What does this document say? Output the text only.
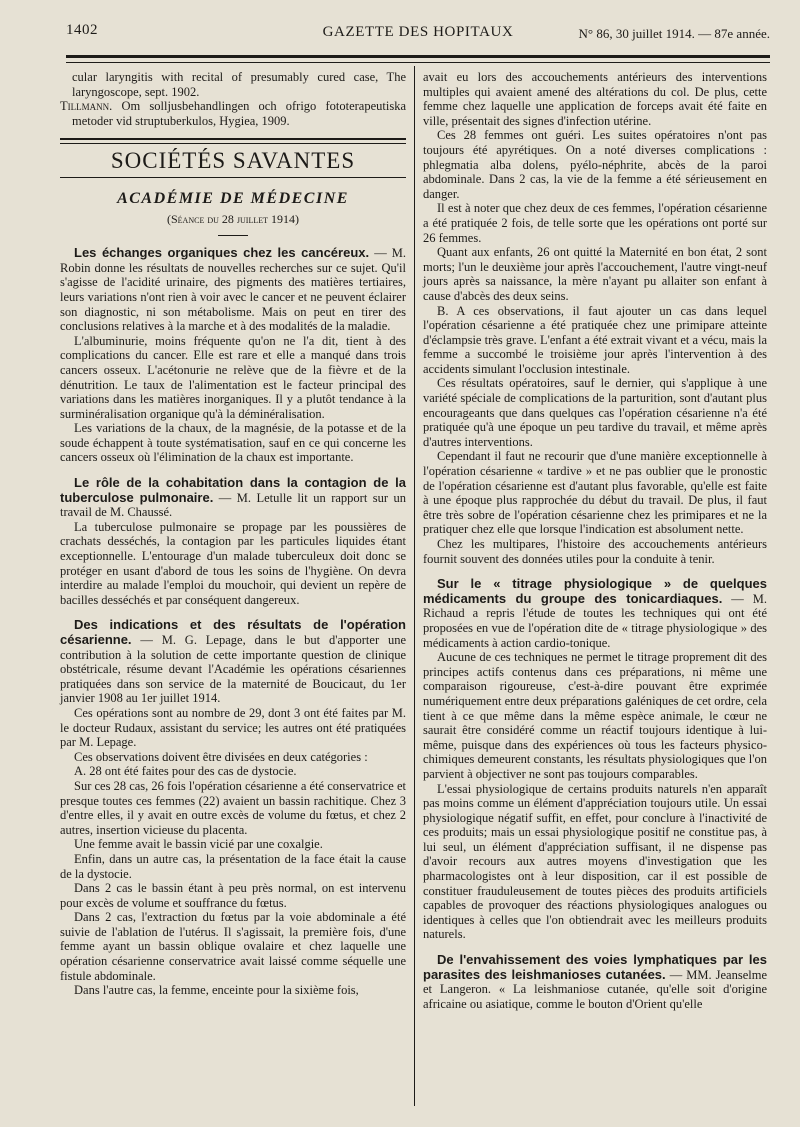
1402	GAZETTE DES HOPITAUX	N° 86, 30 juillet 1914. — 87e année.

cular laryngitis with recital of presumably cured case, The laryngoscope, sept. 1902.

Tillmann. Om solljusbehandlingen och ofrigo fototerapeutiska metoder vid struptuberkulos, Hygiea, 1909.

SOCIÉTÉS SAVANTES
ACADÉMIE DE MÉDECINE
(Séance du 28 juillet 1914)

Les échanges organiques chez les cancéreux. — M. Robin donne les résultats de nouvelles recherches sur ce sujet. Qu'il s'agisse de l'acidité urinaire, des pigments des matières tertiaires, leurs variations n'ont rien à voir avec le cancer et ne peuvent éclairer son diagnostic, ni son métabolisme. Mais on peut en tirer des conclusions relatives à la marche et à des modalités de la maladie.

L'albuminurie, moins fréquente qu'on ne l'a dit, tient à des complications du cancer. Elle est rare et elle a manqué dans trois cancers osseux. L'acétonurie ne relève que de la fièvre et de la dénutrition. Le taux de l'alimentation est le facteur principal des variations dans les matières inorganiques. Il y a plutôt tendance à la surminéralisation organique qu'à la déminéralisation.

Les variations de la chaux, de la magnésie, de la potasse et de la soude échappent à toute systématisation, sauf en ce qui concerne les cancers osseux où l'élimination de la chaux est importante.

Le rôle de la cohabitation dans la contagion de la tuberculose pulmonaire. — M. Letulle lit un rapport sur un travail de M. Chaussé.

La tuberculose pulmonaire se propage par les poussières de crachats desséchés, la contagion par les particules liquides étant exceptionnelle. L'entourage d'un malade tuberculeux doit donc se protéger en usant d'abord de tous les soins de l'hygiène. On devra interdire au malade l'emploi du mouchoir, qui devient un repère de bacilles desséchés et par conséquent dangereux.

Des indications et des résultats de l'opération césarienne. — M. G. Lepage, dans le but d'apporter une contribution à la solution de cette importante question de clinique obstétricale, résume devant l'Académie les opérations césariennes pratiquées dans son service de la maternité de Boucicaut, du 1er janvier 1908 au 1er juillet 1914.

Ces opérations sont au nombre de 29, dont 3 ont été faites par M. le docteur Rudaux, assistant du service; les autres ont été pratiquées par M. Lepage.

Ces observations doivent être divisées en deux catégories :

A. 28 ont été faites pour des cas de dystocie.

Sur ces 28 cas, 26 fois l'opération césarienne a été conservatrice et presque toutes ces femmes (22) avaient un bassin rachitique. Chez 3 d'entre elles, il y avait en outre excès de volume du fœtus, et chez 2 autres, insertion vicieuse du placenta.

Une femme avait le bassin vicié par une coxalgie.

Enfin, dans un autre cas, la présentation de la face était la cause de la dystocie.

Dans 2 cas le bassin étant à peu près normal, on est intervenu pour excès de volume et souffrance du fœtus.

Dans 2 cas, l'extraction du fœtus par la voie abdominale a été suivie de l'ablation de l'utérus. Il s'agissait, la première fois, d'une femme ayant un bassin oblique ovalaire et chez laquelle une opération césarienne conservatrice avait laissé comme séquelle une fistule abdominale.

Dans l'autre cas, la femme, enceinte pour la sixième fois,

avait eu lors des accouchements antérieurs des interventions multiples qui avaient amené des altérations du col. De plus, cette femme chez laquelle une application de forceps avait été faite en ville, présentait des signes d'infection utérine.

Ces 28 femmes ont guéri. Les suites opératoires n'ont pas toujours été apyrétiques. On a noté diverses complications : phlegmatia alba dolens, pyélo-néphrite, abcès de la paroi abdominale. Dans 2 cas, la vie de la femme a été sérieusement en danger.

Il est à noter que chez deux de ces femmes, l'opération césarienne a été pratiquée 2 fois, de telle sorte que les opérations ont porté sur 26 femmes.

Quant aux enfants, 26 ont quitté la Maternité en bon état, 2 sont morts; l'un le deuxième jour après l'accouchement, l'autre vingt-neuf jours après sa naissance, la mère n'ayant pu allaiter son enfant à cause d'abcès des deux seins.

B. A ces observations, il faut ajouter un cas dans lequel l'opération césarienne a été pratiquée chez une primipare atteinte d'éclampsie très grave. L'enfant a été extrait vivant et a vécu, mais la femme a succombé le troisième jour après l'intervention à des accidents simulant l'occlusion intestinale.

Ces résultats opératoires, sauf le dernier, qui s'applique à une variété spéciale de complications de la parturition, sont d'autant plus encourageants que dans quelques cas l'opération césarienne n'a été pratiquée qu'à une époque un peu tardive du travail, et même après d'autres interventions.

Cependant il faut ne recourir que d'une manière exceptionnelle à l'opération césarienne « tardive » et ne pas oublier que le pronostic de l'opération césarienne est d'autant plus favorable, qu'elle est faite à une époque plus rapprochée du début du travail. De plus, il faut être très sobre de l'opération césarienne chez les primipares et ne la pratiquer chez elle que lorsque l'indication est absolument nette.

Chez les multipares, l'histoire des accouchements antérieurs fournit souvent des données utiles pour la conduite à tenir.

Sur le « titrage physiologique » de quelques médicaments du groupe des tonicardiaques. — M. Richaud a repris l'étude de toutes les techniques qui ont été proposées en vue de l'opération dite de « titrage physiologique » des médicaments à action cardio-tonique.

Aucune de ces techniques ne permet le titrage proprement dit des principes actifs contenus dans ces préparations, ni même une comparaison rigoureuse, c'est-à-dire pouvant être exprimée numériquement entre deux préparations galéniques de cet ordre, cela tient à ce que même dans la même espèce animale, le cœur ne saurait être considéré comme un réactif toujours identique à lui-même, puisque dans des expériences où tous les facteurs physico-chimiques demeurent constants, les résultats physiologiques que l'on parvient à objectiver ne sont pas toujours comparables.

L'essai physiologique de certains produits naturels n'en apparaît pas moins comme un élément d'appréciation toujours utile. Un essai physiologique négatif suffit, en effet, pour conclure à l'inactivité de ces produits; mais un essai physiologique positif ne constitue pas, à lui seul, un élément d'appréciation suffisant, il ne dispense pas d'avoir recours aux autres moyens d'investigation que les pharmacologistes ont à leur disposition, car il est possible de constituer frauduleusement de toutes pièces des produits artificiels capables de provoquer des réactions physiologiques analogues ou identiques à celles que l'on obtiendrait avec les meilleurs produits naturels.

De l'envahissement des voies lymphatiques par les parasites des leishmanioses cutanées. — MM. Jeanselme et Langeron. « La leishmaniose cutanée, qu'elle soit d'origine africaine ou asiatique, comme le bouton d'Orient qu'elle
